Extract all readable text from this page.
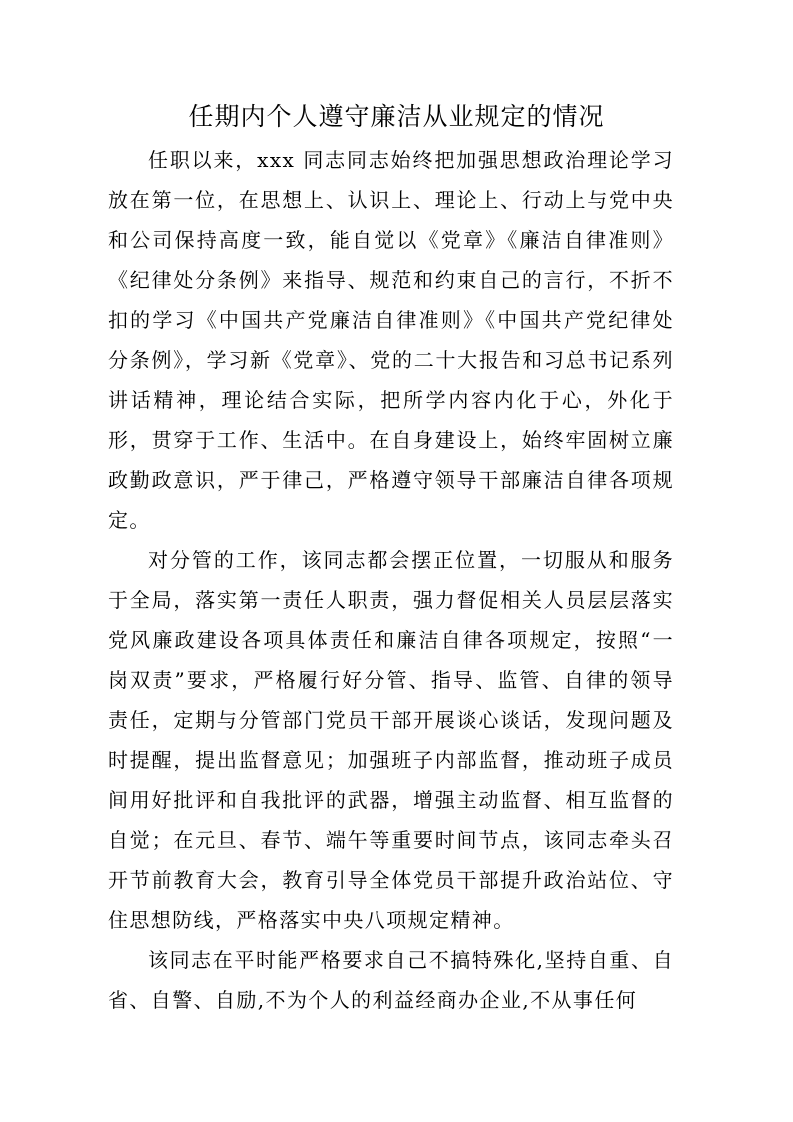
任期内个人遵守廉洁从业规定的情况

任职以来，xxx 同志同志始终把加强思想政治理论学习放在第一位，在思想上、认识上、理论上、行动上与党中央和公司保持高度一致，能自觉以《党章》《廉洁自律准则》《纪律处分条例》来指导、规范和约束自己的言行，不折不扣的学习《中国共产党廉洁自律准则》《中国共产党纪律处分条例》，学习新《党章》、党的二十大报告和习总书记系列讲话精神，理论结合实际，把所学内容内化于心，外化于形，贯穿于工作、生活中。在自身建设上，始终牢固树立廉政勤政意识，严于律己，严格遵守领导干部廉洁自律各项规定。

对分管的工作，该同志都会摆正位置，一切服从和服务于全局，落实第一责任人职责，强力督促相关人员层层落实党风廉政建设各项具体责任和廉洁自律各项规定，按照“一岗双责”要求，严格履行好分管、指导、监管、自律的领导责任，定期与分管部门党员干部开展谈心谈话，发现问题及时提醒，提出监督意见；加强班子内部监督，推动班子成员间用好批评和自我批评的武器，增强主动监督、相互监督的自觉；在元旦、春节、端午等重要时间节点，该同志牵头召开节前教育大会，教育引导全体党员干部提升政治站位、守住思想防线，严格落实中央八项规定精神。

该同志在平时能严格要求自己不搞特殊化,坚持自重、自省、自警、自励,不为个人的利益经商办企业,不从事任何
